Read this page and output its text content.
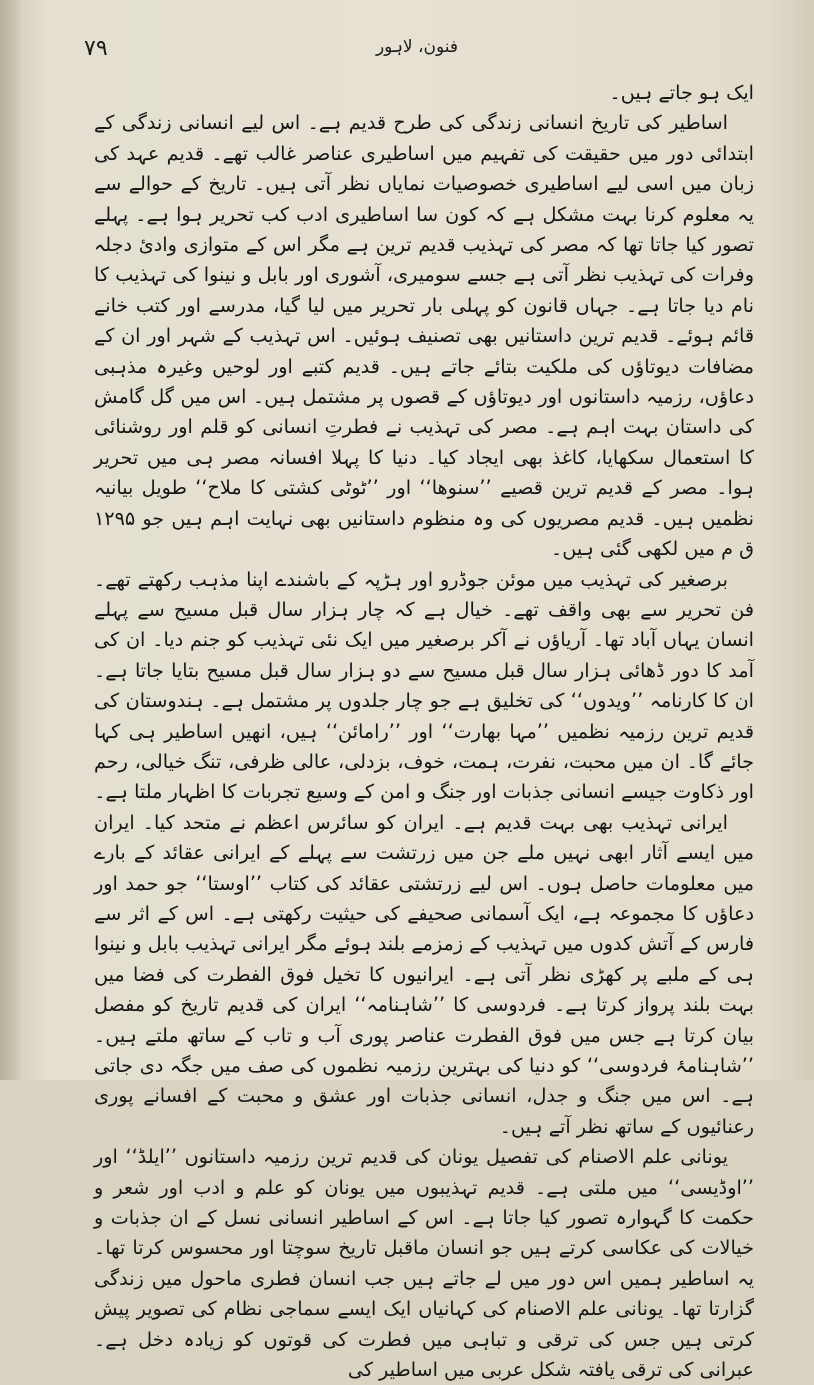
۷۹	فنون، لاہور

ایک ہو جاتے ہیں۔

اساطیر کی تاریخ انسانی زندگی کی طرح قدیم ہے۔ اس لیے انسانی زندگی کے ابتدائی دور میں حقیقت کی تفہیم میں اساطیری عناصر غالب تھے۔ قدیم عہد کی زبان میں اسی لیے اساطیری خصوصیات نمایاں نظر آتی ہیں۔ تاریخ کے حوالے سے یہ معلوم کرنا بہت مشکل ہے کہ کون سا اساطیری ادب کب تحریر ہوا ہے۔ پہلے تصور کیا جاتا تھا کہ مصر کی تہذیب قدیم ترین ہے مگر اس کے متوازی وادیٔ دجلہ وفرات کی تہذیب نظر آتی ہے جسے سومیری، آشوری اور بابل و نینوا کی تہذیب کا نام دیا جاتا ہے۔ جہاں قانون کو پہلی بار تحریر میں لیا گیا، مدرسے اور کتب خانے قائم ہوئے۔ قدیم ترین داستانیں بھی تصنیف ہوئیں۔ اس تہذیب کے شہر اور ان کے مضافات دیوتاؤں کی ملکیت بتائے جاتے ہیں۔ قدیم کتبے اور لوحیں وغیرہ مذہبی دعاؤں، رزمیہ داستانوں اور دیوتاؤں کے قصوں پر مشتمل ہیں۔ اس میں گل گامش کی داستان بہت اہم ہے۔ مصر کی تہذیب نے فطرتِ انسانی کو قلم اور روشنائی کا استعمال سکھایا، کاغذ بھی ایجاد کیا۔ دنیا کا پہلا افسانہ مصر ہی میں تحریر ہوا۔ مصر کے قدیم ترین قصیے ’’سنوھا‘‘ اور ’’ٹوٹی کشتی کا ملاح‘‘ طویل بیانیہ نظمیں ہیں۔ قدیم مصریوں کی وہ منظوم داستانیں بھی نہایت اہم ہیں جو ۱۲۹۵ ق م میں لکھی گئی ہیں۔

برصغیر کی تہذیب میں موئن جوڈرو اور ہڑپہ کے باشندے اپنا مذہب رکھتے تھے۔ فن تحریر سے بھی واقف تھے۔ خیال ہے کہ چار ہزار سال قبل مسیح سے پہلے انسان یہاں آباد تھا۔ آریاؤں نے آکر برصغیر میں ایک نئی تہذیب کو جنم دیا۔ ان کی آمد کا دور ڈھائی ہزار سال قبل مسیح سے دو ہزار سال قبل مسیح بتایا جاتا ہے۔ ان کا کارنامہ ’’ویدوں‘‘ کی تخلیق ہے جو چار جلدوں پر مشتمل ہے۔ ہندوستان کی قدیم ترین رزمیہ نظمیں ’’مہا بھارت‘‘ اور ’’رامائن‘‘ ہیں، انھیں اساطیر ہی کہا جائے گا۔ ان میں محبت، نفرت، ہمت، خوف، بزدلی، عالی ظرفی، تنگ خیالی، رحم اور ذکاوت جیسے انسانی جذبات اور جنگ و امن کے وسیع تجربات کا اظہار ملتا ہے۔

ایرانی تہذیب بھی بہت قدیم ہے۔ ایران کو سائرس اعظم نے متحد کیا۔ ایران میں ایسے آثار ابھی نہیں ملے جن میں زرتشت سے پہلے کے ایرانی عقائد کے بارے میں معلومات حاصل ہوں۔ اس لیے زرتشتی عقائد کی کتاب ’’اوستا‘‘ جو حمد اور دعاؤں کا مجموعہ ہے، ایک آسمانی صحیفے کی حیثیت رکھتی ہے۔ اس کے اثر سے فارس کے آتش کدوں میں تہذیب کے زمزمے بلند ہوئے مگر ایرانی تہذیب بابل و نینوا ہی کے ملبے پر کھڑی نظر آتی ہے۔ ایرانیوں کا تخیل فوق الفطرت کی فضا میں بہت بلند پرواز کرتا ہے۔ فردوسی کا ’’شاہنامہ‘‘ ایران کی قدیم تاریخ کو مفصل بیان کرتا ہے جس میں فوق الفطرت عناصر پوری آب و تاب کے ساتھ ملتے ہیں۔ ’’شاہنامۂ فردوسی‘‘ کو دنیا کی بہترین رزمیہ نظموں کی صف میں جگہ دی جاتی ہے۔ اس میں جنگ و جدل، انسانی جذبات اور عشق و محبت کے افسانے پوری رعنائیوں کے ساتھ نظر آتے ہیں۔

یونانی علم الاصنام کی تفصیل یونان کی قدیم ترین رزمیہ داستانوں ’’ایلڈ‘‘ اور ’’اوڈیسی‘‘ میں ملتی ہے۔ قدیم تہذیبوں میں یونان کو علم و ادب اور شعر و حکمت کا گہوارہ تصور کیا جاتا ہے۔ اس کے اساطیر انسانی نسل کے ان جذبات و خیالات کی عکاسی کرتے ہیں جو انسان ماقبل تاریخ سوچتا اور محسوس کرتا تھا۔ یہ اساطیر ہمیں اس دور میں لے جاتے ہیں جب انسان فطری ماحول میں زندگی گزارتا تھا۔ یونانی علم الاصنام کی کہانیاں ایک ایسے سماجی نظام کی تصویر پیش کرتی ہیں جس کی ترقی و تباہی میں فطرت کی قوتوں کو زیادہ دخل ہے۔ عبرانی کی ترقی یافتہ شکل عربی میں اساطیر کی
